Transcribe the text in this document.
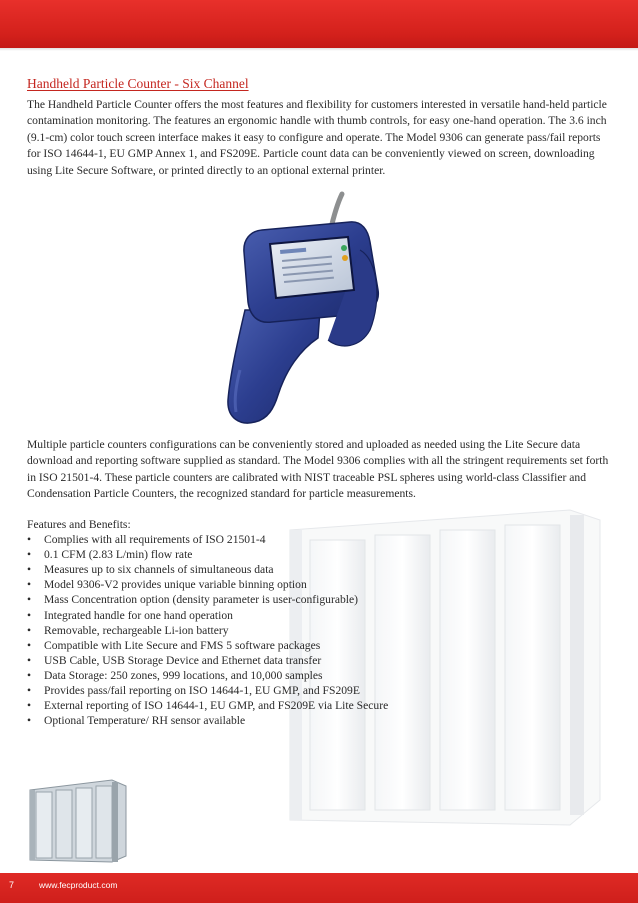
Handheld Particle Counter - Six Channel

The Handheld Particle Counter offers the most features and flexibility for customers interested in versatile hand-held particle contamination monitoring. The features an ergonomic handle with thumb controls, for easy one-hand operation. The 3.6 inch (9.1-cm) color touch screen interface makes it easy to configure and operate. The Model 9306 can generate pass/fail reports for ISO 14644-1, EU GMP Annex 1, and FS209E. Particle count data can be conveniently viewed on screen, downloading using Lite Secure Software, or printed directly to an optional external printer.

Multiple particle counters configurations can be conveniently stored and uploaded as needed using the Lite Secure data download and reporting software supplied as standard. The Model 9306 complies with all the stringent requirements set forth in ISO 21501-4. These particle counters are calibrated with NIST traceable PSL spheres using world-class Classifier and Condensation Particle Counters, the recognized standard for particle measurements.

Features and Benefits:

• Complies with all requirements of ISO 21501-4
• 0.1 CFM (2.83 L/min) flow rate
• Measures up to six channels of simultaneous data
• Model 9306-V2 provides unique variable binning option
• Mass Concentration option (density parameter is user-configurable)
• Integrated handle for one hand operation
• Removable, rechargeable Li-ion battery
• Compatible with Lite Secure and FMS 5 software packages
• USB Cable, USB Storage Device and Ethernet data transfer
• Data Storage: 250 zones, 999 locations, and 10,000 samples
• Provides pass/fail reporting on ISO 14644-1, EU GMP, and FS209E
• External reporting of ISO 14644-1, EU GMP, and FS209E via Lite Secure
• Optional Temperature/ RH sensor available
7	www.fecproduct.com
